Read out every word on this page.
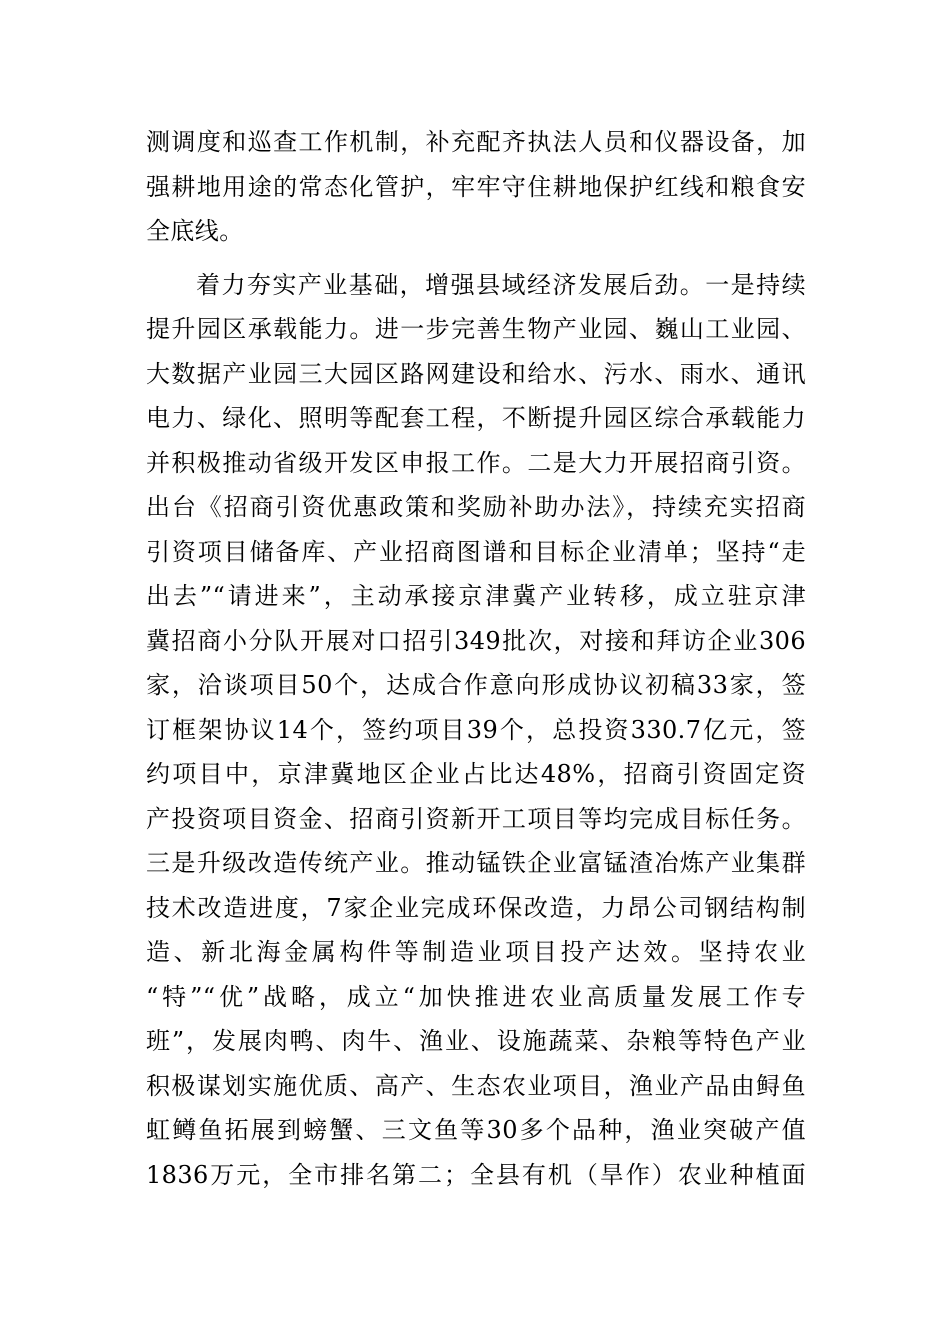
测调度和巡查工作机制，补充配齐执法人员和仪器设备，加
强耕地用途的常态化管护，牢牢守住耕地保护红线和粮食安
全底线。
着力夯实产业基础，增强县域经济发展后劲。一是持续
提升园区承载能力。进一步完善生物产业园、巍山工业园、
大数据产业园三大园区路网建设和给水、污水、雨水、通讯
电力、绿化、照明等配套工程，不断提升园区综合承载能力
并积极推动省级开发区申报工作。二是大力开展招商引资。
出台《招商引资优惠政策和奖励补助办法》，持续充实招商
引资项目储备库、产业招商图谱和目标企业清单；坚持“走
出去”“请进来”，主动承接京津冀产业转移，成立驻京津
冀招商小分队开展对口招引349批次，对接和拜访企业306
家，洽谈项目50个，达成合作意向形成协议初稿33家，签
订框架协议14个，签约项目39个，总投资330.7亿元，签
约项目中，京津冀地区企业占比达48%，招商引资固定资
产投资项目资金、招商引资新开工项目等均完成目标任务。
三是升级改造传统产业。推动锰铁企业富锰渣冶炼产业集群
技术改造进度，7家企业完成环保改造，力昂公司钢结构制
造、新北海金属构件等制造业项目投产达效。坚持农业
“特”“优”战略，成立“加快推进农业高质量发展工作专
班”，发展肉鸭、肉牛、渔业、设施蔬菜、杂粮等特色产业
积极谋划实施优质、高产、生态农业项目，渔业产品由鲟鱼
虹鳟鱼拓展到螃蟹、三文鱼等30多个品种，渔业突破产值
1836万元，全市排名第二；全县有机（旱作）农业种植面
